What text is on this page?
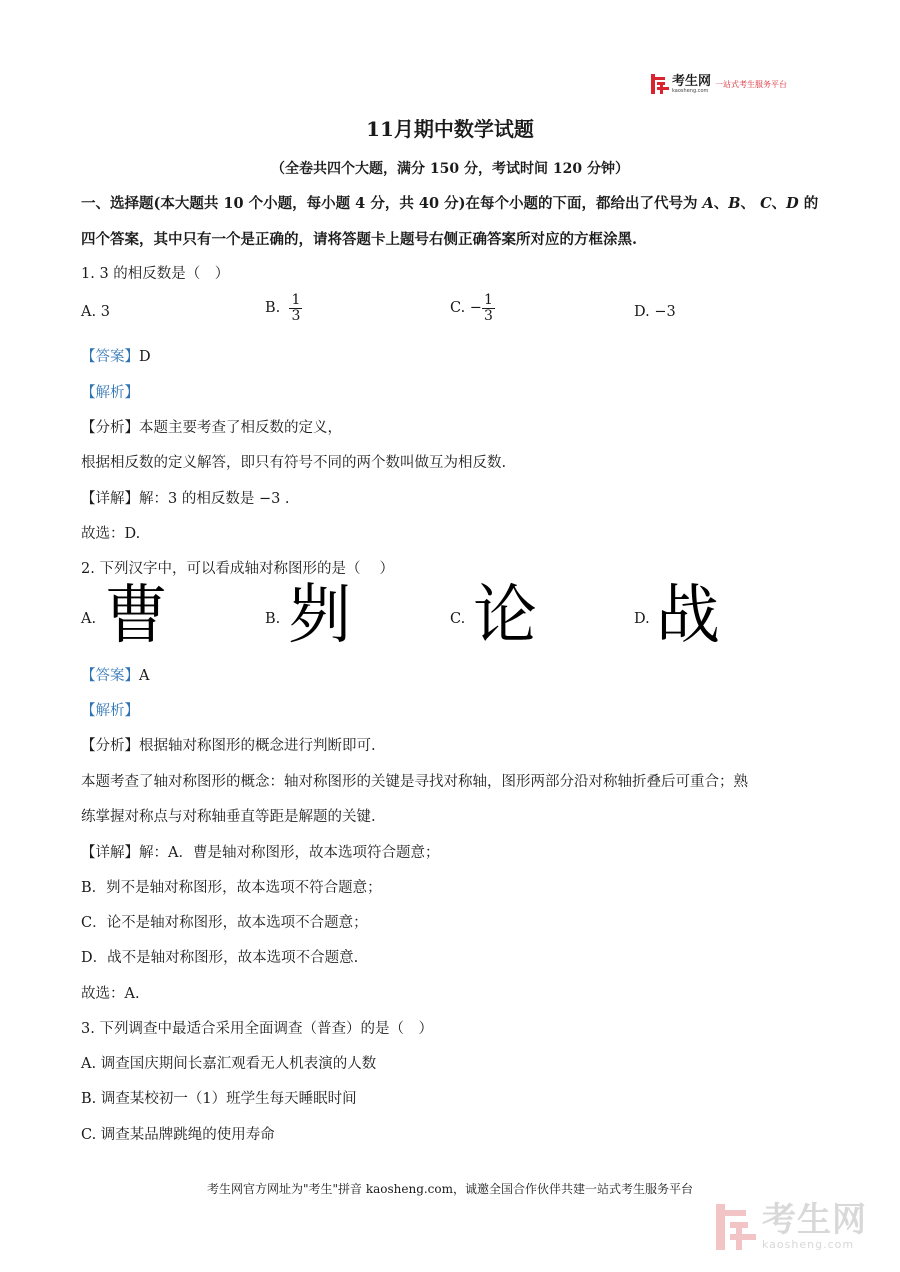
考生网
kaosheng.com
一站式考生服务平台
11月期中数学试题
（全卷共四个大题，满分 150 分，考试时间 120 分钟）
一、选择题(本大题共 10 个小题，每小题 4 分，共 40 分)在每个小题的下面，都给出了代号为 A、B、 C、D 的四个答案，其中只有一个是正确的，请将答题卡上题号右侧正确答案所对应的方框涂黑.
1. 3 的相反数是（　）
A. 3	B. $\frac{1}{3}$	C. − $\frac{1}{3}$	D. −3
【答案】D
【解析】
【分析】本题主要考查了相反数的定义，
根据相反数的定义解答，即只有符号不同的两个数叫做互为相反数.
【详解】解：3 的相反数是 −3 .
故选：D.
2. 下列汉字中，可以看成轴对称图形的是（　 ）
A. 曹	B. 刿	C. 论	D. 战
【答案】A
【解析】
【分析】根据轴对称图形的概念进行判断即可.
本题考查了轴对称图形的概念：轴对称图形的关键是寻找对称轴，图形两部分沿对称轴折叠后可重合；熟
练掌握对称点与对称轴垂直等距是解题的关键.
【详解】解：A．曹是轴对称图形，故本选项符合题意；
B．刿不是轴对称图形，故本选项不符合题意；
C．论不是轴对称图形，故本选项不合题意；
D．战不是轴对称图形，故本选项不合题意.
故选：A.
3. 下列调查中最适合采用全面调查（普查）的是（　）
A. 调查国庆期间长嘉汇观看无人机表演的人数
B. 调查某校初一（1）班学生每天睡眠时间
C. 调查某品牌跳绳的使用寿命
考生网官方网址为"考生"拼音 kaosheng.com，诚邀全国合作伙伴共建一站式考生服务平台
考生网
kaosheng.com
